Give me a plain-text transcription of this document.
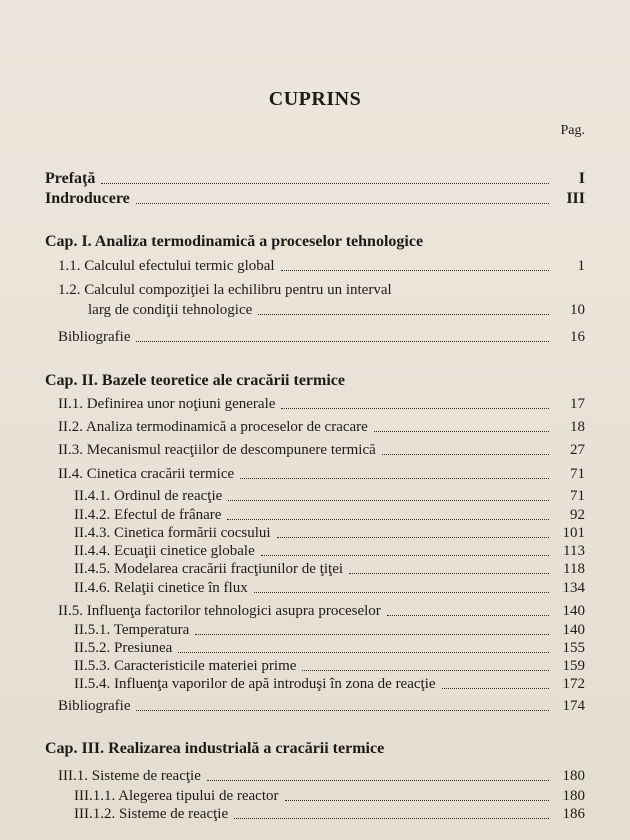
CUPRINS
Pag.
Prefaţă	I
Indroducere	III
Cap. I. Analiza termodinamică a proceselor tehnologice
1.1. Calculul efectului termic global	1
1.2. Calculul compoziţiei la echilibru pentru un interval
larg de condiţii tehnologice	10
Bibliografie	16
Cap. II. Bazele teoretice ale cracării termice
II.1. Definirea unor noţiuni generale	17
II.2. Analiza termodinamică a proceselor de cracare	18
II.3. Mecanismul reacţiilor de descompunere termică	27
II.4. Cinetica cracării termice	71
II.4.1. Ordinul de reacţie	71
II.4.2. Efectul de frânare	92
II.4.3. Cinetica formării cocsului	101
II.4.4. Ecuaţii cinetice globale	113
II.4.5. Modelarea cracării fracţiunilor de ţiţei	118
II.4.6. Relaţii cinetice în flux	134
II.5. Influenţa factorilor tehnologici asupra proceselor	140
II.5.1. Temperatura	140
II.5.2. Presiunea	155
II.5.3. Caracteristicile materiei prime	159
II.5.4. Influenţa vaporilor de apă introduşi în zona de reacţie	172
Bibliografie	174
Cap. III. Realizarea industrială a cracării termice
III.1. Sisteme de reacţie	180
III.1.1. Alegerea tipului de reactor	180
III.1.2. Sisteme de reacţie	186
